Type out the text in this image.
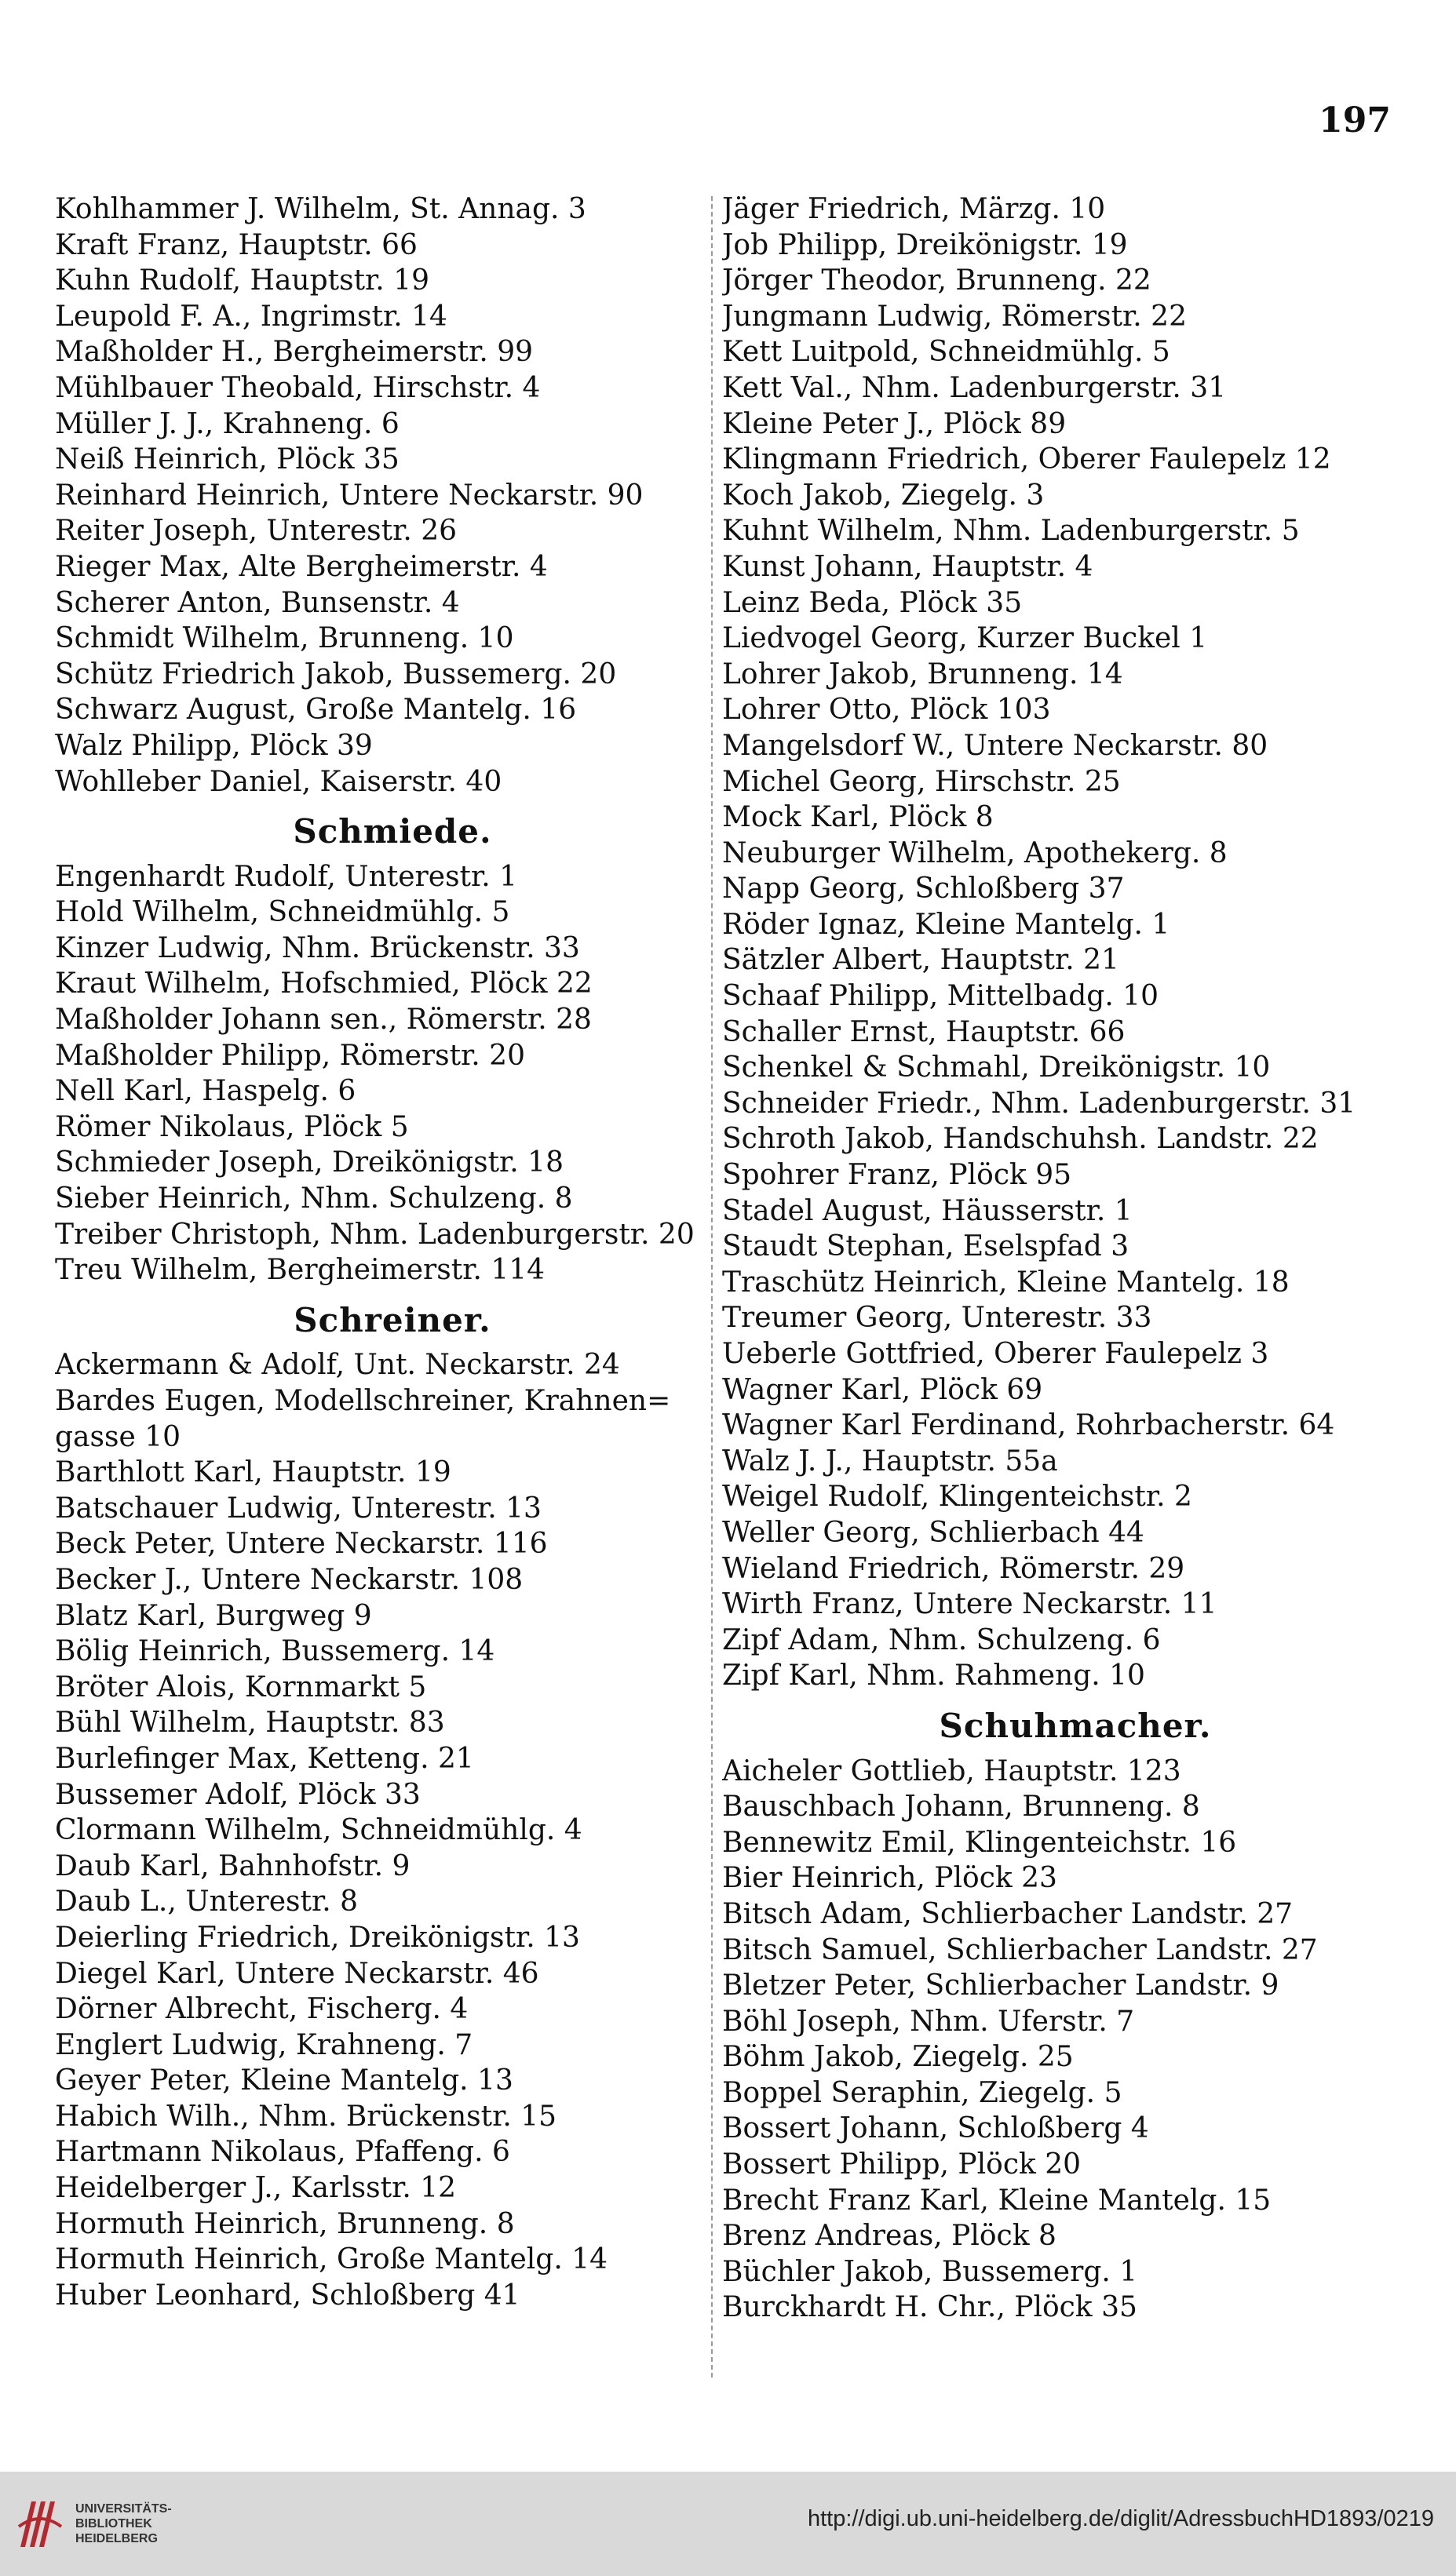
197
Kohlhammer J. Wilhelm, St. Annag. 3
Kraft Franz, Hauptstr. 66
Kuhn Rudolf, Hauptstr. 19
Leupold F. A., Ingrimstr. 14
Maßholder H., Bergheimerstr. 99
Mühlbauer Theobald, Hirschstr. 4
Müller J. J., Krahneng. 6
Neiß Heinrich, Plöck 35
Reinhard Heinrich, Untere Neckarstr. 90
Reiter Joseph, Unterestr. 26
Rieger Max, Alte Bergheimerstr. 4
Scherer Anton, Bunsenstr. 4
Schmidt Wilhelm, Brunneng. 10
Schütz Friedrich Jakob, Bussemerg. 20
Schwarz August, Große Mantelg. 16
Walz Philipp, Plöck 39
Wohlleber Daniel, Kaiserstr. 40
Schmiede.
Engenhardt Rudolf, Unterestr. 1
Hold Wilhelm, Schneidmühlg. 5
Kinzer Ludwig, Nhm. Brückenstr. 33
Kraut Wilhelm, Hofschmied, Plöck 22
Maßholder Johann sen., Römerstr. 28
Maßholder Philipp, Römerstr. 20
Nell Karl, Haspelg. 6
Römer Nikolaus, Plöck 5
Schmieder Joseph, Dreikönigstr. 18
Sieber Heinrich, Nhm. Schulzeng. 8
Treiber Christoph, Nhm. Ladenburgerstr. 20
Treu Wilhelm, Bergheimerstr. 114
Schreiner.
Ackermann & Adolf, Unt. Neckarstr. 24
Bardes Eugen, Modellschreiner, Krahnen=
gasse 10
Barthlott Karl, Hauptstr. 19
Batschauer Ludwig, Unterestr. 13
Beck Peter, Untere Neckarstr. 116
Becker J., Untere Neckarstr. 108
Blatz Karl, Burgweg 9
Bölig Heinrich, Bussemerg. 14
Bröter Alois, Kornmarkt 5
Bühl Wilhelm, Hauptstr. 83
Burlefinger Max, Ketteng. 21
Bussemer Adolf, Plöck 33
Clormann Wilhelm, Schneidmühlg. 4
Daub Karl, Bahnhofstr. 9
Daub L., Unterestr. 8
Deierling Friedrich, Dreikönigstr. 13
Diegel Karl, Untere Neckarstr. 46
Dörner Albrecht, Fischerg. 4
Englert Ludwig, Krahneng. 7
Geyer Peter, Kleine Mantelg. 13
Habich Wilh., Nhm. Brückenstr. 15
Hartmann Nikolaus, Pfaffeng. 6
Heidelberger J., Karlsstr. 12
Hormuth Heinrich, Brunneng. 8
Hormuth Heinrich, Große Mantelg. 14
Huber Leonhard, Schloßberg 41
Jäger Friedrich, Märzg. 10
Job Philipp, Dreikönigstr. 19
Jörger Theodor, Brunneng. 22
Jungmann Ludwig, Römerstr. 22
Kett Luitpold, Schneidmühlg. 5
Kett Val., Nhm. Ladenburgerstr. 31
Kleine Peter J., Plöck 89
Klingmann Friedrich, Oberer Faulepelz 12
Koch Jakob, Ziegelg. 3
Kuhnt Wilhelm, Nhm. Ladenburgerstr. 5
Kunst Johann, Hauptstr. 4
Leinz Beda, Plöck 35
Liedvogel Georg, Kurzer Buckel 1
Lohrer Jakob, Brunneng. 14
Lohrer Otto, Plöck 103
Mangelsdorf W., Untere Neckarstr. 80
Michel Georg, Hirschstr. 25
Mock Karl, Plöck 8
Neuburger Wilhelm, Apothekerg. 8
Napp Georg, Schloßberg 37
Röder Ignaz, Kleine Mantelg. 1
Sätzler Albert, Hauptstr. 21
Schaaf Philipp, Mittelbadg. 10
Schaller Ernst, Hauptstr. 66
Schenkel & Schmahl, Dreikönigstr. 10
Schneider Friedr., Nhm. Ladenburgerstr. 31
Schroth Jakob, Handschuhsh. Landstr. 22
Spohrer Franz, Plöck 95
Stadel August, Häusserstr. 1
Staudt Stephan, Eselspfad 3
Traschütz Heinrich, Kleine Mantelg. 18
Treumer Georg, Unterestr. 33
Ueberle Gottfried, Oberer Faulepelz 3
Wagner Karl, Plöck 69
Wagner Karl Ferdinand, Rohrbacherstr. 64
Walz J. J., Hauptstr. 55a
Weigel Rudolf, Klingenteichstr. 2
Weller Georg, Schlierbach 44
Wieland Friedrich, Römerstr. 29
Wirth Franz, Untere Neckarstr. 11
Zipf Adam, Nhm. Schulzeng. 6
Zipf Karl, Nhm. Rahmeng. 10
Schuhmacher.
Aicheler Gottlieb, Hauptstr. 123
Bauschbach Johann, Brunneng. 8
Bennewitz Emil, Klingenteichstr. 16
Bier Heinrich, Plöck 23
Bitsch Adam, Schlierbacher Landstr. 27
Bitsch Samuel, Schlierbacher Landstr. 27
Bletzer Peter, Schlierbacher Landstr. 9
Böhl Joseph, Nhm. Uferstr. 7
Böhm Jakob, Ziegelg. 25
Boppel Seraphin, Ziegelg. 5
Bossert Johann, Schloßberg 4
Bossert Philipp, Plöck 20
Brecht Franz Karl, Kleine Mantelg. 15
Brenz Andreas, Plöck 8
Büchler Jakob, Bussemerg. 1
Burckhardt H. Chr., Plöck 35
UNIVERSITÄTS-
BIBLIOTHEK
HEIDELBERG
http://digi.ub.uni-heidelberg.de/diglit/AdressbuchHD1893/0219
